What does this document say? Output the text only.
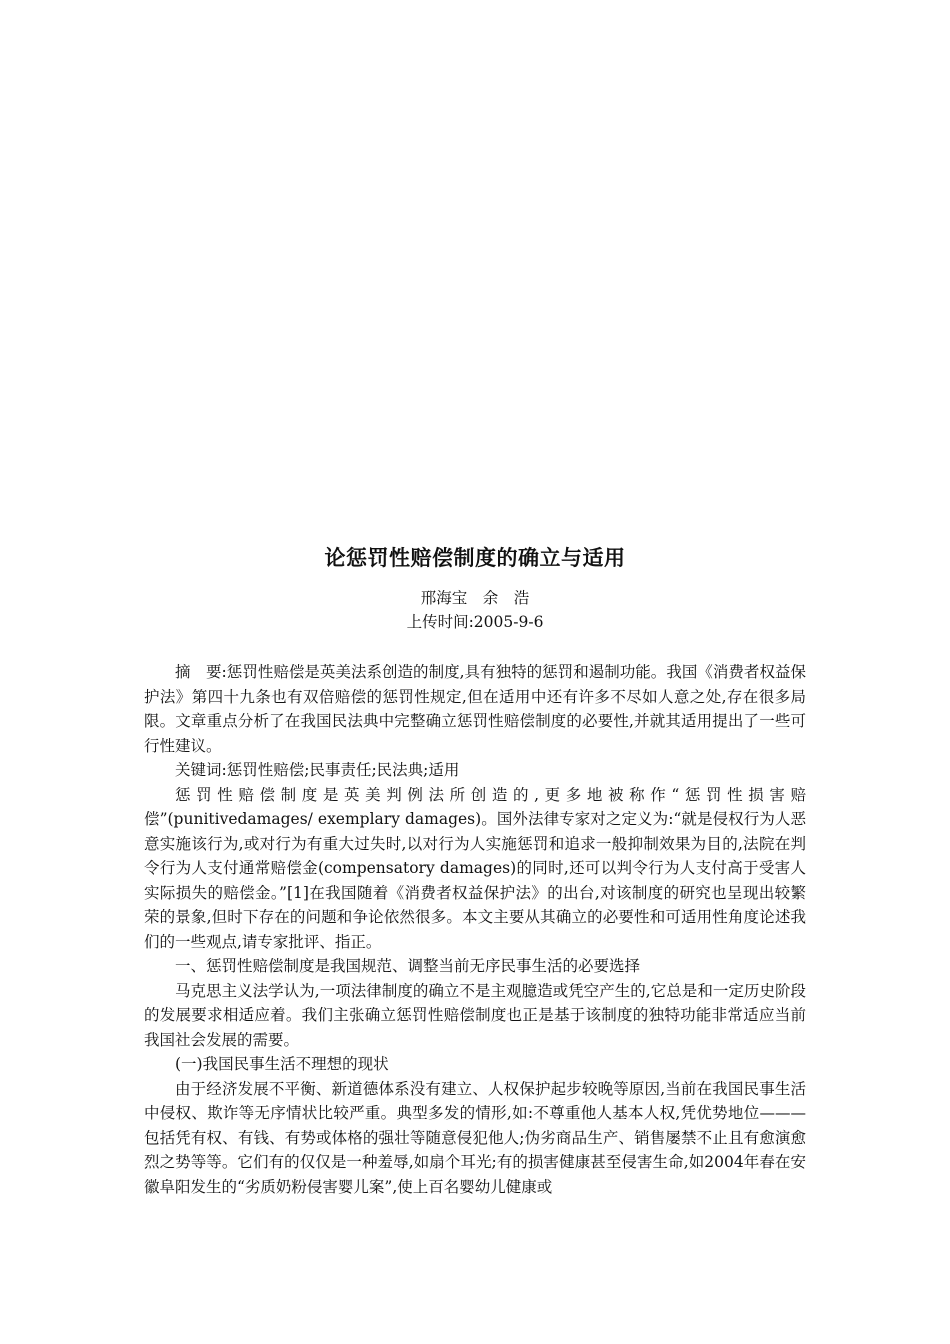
论惩罚性赔偿制度的确立与适用
邢海宝　余　浩
上传时间:2005-9-6

摘　要:惩罚性赔偿是英美法系创造的制度,具有独特的惩罚和遏制功能。我国《消费者权益保护法》第四十九条也有双倍赔偿的惩罚性规定,但在适用中还有许多不尽如人意之处,存在很多局限。文章重点分析了在我国民法典中完整确立惩罚性赔偿制度的必要性,并就其适用提出了一些可行性建议。

关键词:惩罚性赔偿;民事责任;民法典;适用

惩罚性赔偿制度是英美判例法所创造的,更多地被称作“惩罚性损害赔偿”(punitivedamages/ exemplary damages)。国外法律专家对之定义为:“就是侵权行为人恶意实施该行为,或对行为有重大过失时,以对行为人实施惩罚和追求一般抑制效果为目的,法院在判令行为人支付通常赔偿金(compensatory damages)的同时,还可以判令行为人支付高于受害人实际损失的赔偿金。”[1]在我国随着《消费者权益保护法》的出台,对该制度的研究也呈现出较繁荣的景象,但时下存在的问题和争论依然很多。本文主要从其确立的必要性和可适用性角度论述我们的一些观点,请专家批评、指正。

一、惩罚性赔偿制度是我国规范、调整当前无序民事生活的必要选择

马克思主义法学认为,一项法律制度的确立不是主观臆造或凭空产生的,它总是和一定历史阶段的发展要求相适应着。我们主张确立惩罚性赔偿制度也正是基于该制度的独特功能非常适应当前我国社会发展的需要。

(一)我国民事生活不理想的现状

由于经济发展不平衡、新道德体系没有建立、人权保护起步较晚等原因,当前在我国民事生活中侵权、欺诈等无序情状比较严重。典型多发的情形,如:不尊重他人基本人权,凭优势地位———包括凭有权、有钱、有势或体格的强壮等随意侵犯他人;伪劣商品生产、销售屡禁不止且有愈演愈烈之势等等。它们有的仅仅是一种羞辱,如扇个耳光;有的损害健康甚至侵害生命,如2004年春在安徽阜阳发生的“劣质奶粉侵害婴儿案”,使上百名婴幼儿健康或
